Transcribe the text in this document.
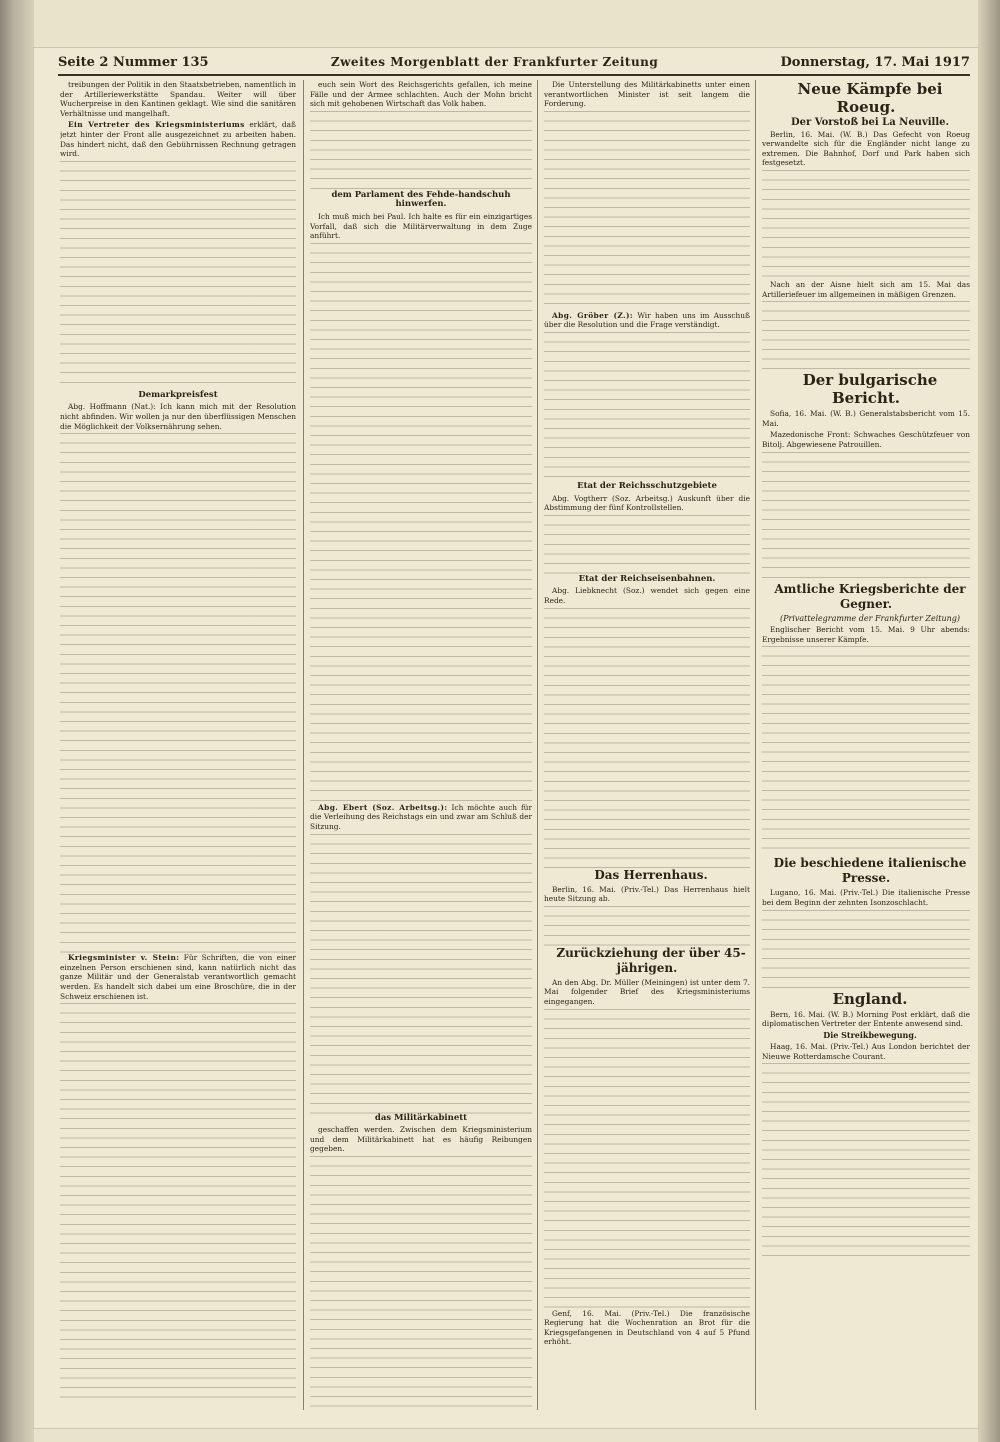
Seite 2 Nummer 135	Zweites Morgenblatt der Frankfurter Zeitung	Donnerstag, 17. Mai 1917

treibungen der Politik in den Staatsbetrieben, namentlich in der Artilleriewerkstätte Spandau. Weiter will über Wucherpreise in den Kantinen geklagt. Wie sind die sanitären Verhältnisse und mangelhaft.

Ein Vertreter des Kriegsministeriums erklärt, daß jetzt hinter der Front alle ausgezeichnet zu arbeiten haben. Das hindert nicht, daß den Gebührnissen Rechnung getragen wird.

Demarkpreisfest

Abg. Hoffmann (Nat.): Ich kann mich mit der Resolution nicht abfinden. Wir wollen ja nur den überflüssigen Menschen die Möglichkeit der Volksernährung sehen.

Kriegsminister v. Stein: Für Schriften, die von einer einzelnen Person erschienen sind, kann natürlich nicht das ganze Militär und der Generalstab verantwortlich gemacht werden. Es handelt sich dabei um eine Broschüre, die in der Schweiz erschienen ist.

euch sein Wort des Reichsgerichts gefallen, ich meine Fälle und der Armee schlachten. Auch der Mohn bricht sich mit gehobenen Wirtschaft das Volk haben.

dem Parlament des Fehde-handschuh hinwerfen.

Ich muß mich bei Paul. Ich halte es für ein einzigartiges Vorfall, daß sich die Militärverwaltung in dem Zuge anführt.

Abg. Ebert (Soz. Arbeitsg.): Ich möchte auch für die Verleihung des Reichstags ein und zwar am Schluß der Sitzung.

das Militärkabinett

geschaffen werden. Zwischen dem Kriegsministerium und dem Militärkabinett hat es häufig Reibungen gegeben.

Die Unterstellung des Militärkabinetts unter einen verantwortlichen Minister ist seit langem die Forderung.

Abg. Gröber (Z.): Wir haben uns im Ausschuß über die Resolution und die Frage verständigt.

Etat der Reichsschutzgebiete

Abg. Vogtherr (Soz. Arbeitsg.) Auskunft über die Abstimmung der fünf Kontrollstellen.

Etat der Reichseisenbahnen.

Abg. Liebknecht (Soz.) wendet sich gegen eine Rede.

Das Herrenhaus.

Berlin, 16. Mai. (Priv.-Tel.) Das Herrenhaus hielt heute Sitzung ab.

Zurückziehung der über 45-jährigen.

An den Abg. Dr. Müller (Meiningen) ist unter dem 7. Mai folgender Brief des Kriegsministeriums eingegangen.

Genf, 16. Mai. (Priv.-Tel.) Die französische Regierung hat die Wochenration an Brot für die Kriegsgefangenen in Deutschland von 4 auf 5 Pfund erhöht.

Neue Kämpfe bei Roeug.

Der Vorstoß bei La Neuville.

Berlin, 16. Mai. (W. B.) Das Gefecht von Roeug verwandelte sich für die Engländer nicht lange zu extremen. Die Bahnhof, Dorf und Park haben sich festgesetzt.

Nach an der Aisne hielt sich am 15. Mai das Artilleriefeuer im allgemeinen in mäßigen Grenzen.

Der bulgarische Bericht.

Sofia, 16. Mai. (W. B.) Generalstabsbericht vom 15. Mai.

Mazedonische Front: Schwaches Geschützfeuer von Bitolj. Abgewiesene Patrouillen.

Amtliche Kriegsberichte der Gegner.

(Privattelegramme der Frankfurter Zeitung)

Englischer Bericht vom 15. Mai. 9 Uhr abends: Ergebnisse unserer Kämpfe.

Die beschiedene italienische Presse.

Lugano, 16. Mai. (Priv.-Tel.) Die italienische Presse bei dem Beginn der zehnten Isonzoschlacht.

England.

Bern, 16. Mai. (W. B.) Morning Post erklärt, daß die diplomatischen Vertreter der Entente anwesend sind.

Die Streikbewegung.

Haag, 16. Mai. (Priv.-Tel.) Aus London berichtet der Nieuwe Rotterdamsche Courant.
